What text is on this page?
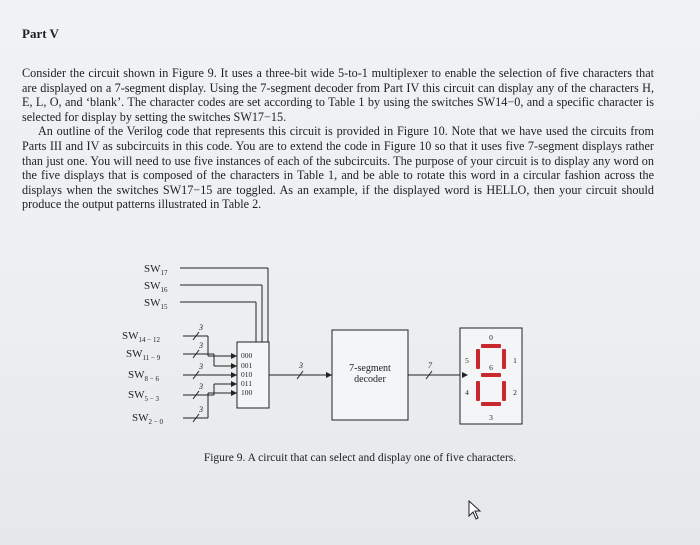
Part V

Consider the circuit shown in Figure 9. It uses a three-bit wide 5-to-1 multiplexer to enable the selection of five characters that are displayed on a 7-segment display. Using the 7-segment decoder from Part IV this circuit can display any of the characters H, E, L, O, and ‘blank’. The character codes are set according to Table 1 by using the switches SW14−0, and a specific character is selected for display by setting the switches SW17−15.

An outline of the Verilog code that represents this circuit is provided in Figure 10. Note that we have used the circuits from Parts III and IV as subcircuits in this code. You are to extend the code in Figure 10 so that it uses five 7-segment displays rather than just one. You will need to use five instances of each of the subcircuits. The purpose of your circuit is to display any word on the five displays that is composed of the characters in Table 1, and be able to rotate this word in a circular fashion across the displays when the switches SW17−15 are toggled. As an example, if the displayed word is HELLO, then your circuit should produce the output patterns illustrated in Table 2.

$SW_{17}$
$SW_{16}$
$SW_{15}$
$SW_{14 - 12}$
$SW_{11 - 9}$
$SW_{8 - 6}$
$SW_{5 - 3}$
$SW_{2 - 0}$
3
3
3
3
3
3	7
000
001
010
011
100
7-segment
decoder
0
1
2
3
4
5
6

Figure 9. A circuit that can select and display one of five characters.
